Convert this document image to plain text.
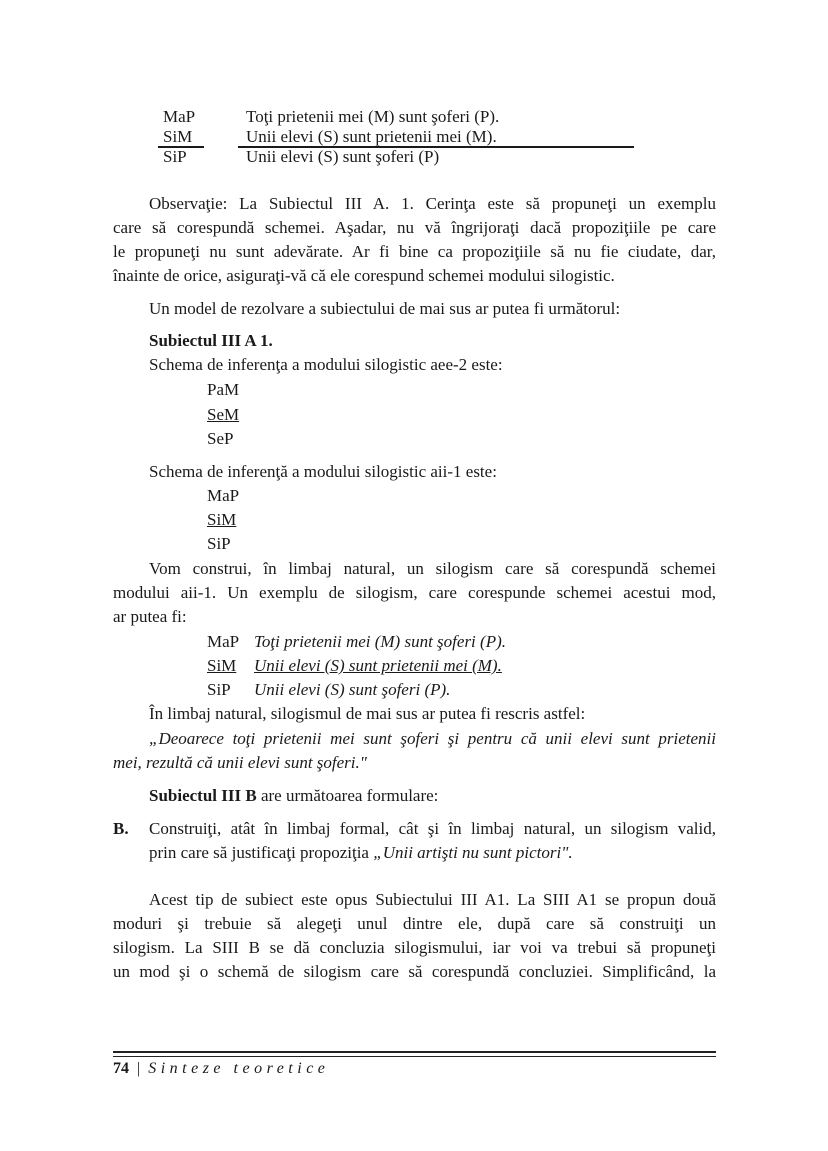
MaP	Toţi prietenii mei (M) sunt şoferi (P).
SiM	Unii elevi (S) sunt prietenii mei (M).
SiP	Unii elevi (S) sunt şoferi (P)
Observaţie: La Subiectul III A. 1. Cerinţa este să propuneţi un exemplu
care să corespundă schemei. Aşadar, nu vă îngrijoraţi dacă propoziţiile pe care
le propuneţi nu sunt adevărate. Ar fi bine ca propoziţiile să nu fie ciudate, dar,
înainte de orice, asiguraţi-vă că ele corespund schemei modului silogistic.
Un model de rezolvare a subiectului de mai sus ar putea fi următorul:
Subiectul III A 1.
Schema de inferenţa a modului silogistic aee-2 este:
PaM
SeM
SeP
Schema de inferenţă a modului silogistic aii-1 este:
MaP
SiM
SiP
Vom construi, în limbaj natural, un silogism care să corespundă schemei
modului aii-1. Un exemplu de silogism, care corespunde schemei acestui mod,
ar putea fi:
MaP Toţi prietenii mei (M) sunt şoferi (P).
SiM Unii elevi (S) sunt prietenii mei (M).
SiP Unii elevi (S) sunt şoferi (P).
În limbaj natural, silogismul de mai sus ar putea fi rescris astfel:
„Deoarece toţi prietenii mei sunt şoferi şi pentru că unii elevi sunt prietenii
mei, rezultă că unii elevi sunt şoferi."
Subiectul III B are următoarea formulare:
B. Construiţi, atât în limbaj formal, cât şi în limbaj natural, un silogism valid,
prin care să justificaţi propoziţia „Unii artişti nu sunt pictori".
Acest tip de subiect este opus Subiectului III A1. La SIII A1 se propun două
moduri şi trebuie să alegeţi unul dintre ele, după care să construiţi un
silogism. La SIII B se dă concluzia silogismului, iar voi va trebui să propuneţi
un mod şi o schemă de silogism care să corespundă concluziei. Simplificând, la
74 | Sinteze teoretice
